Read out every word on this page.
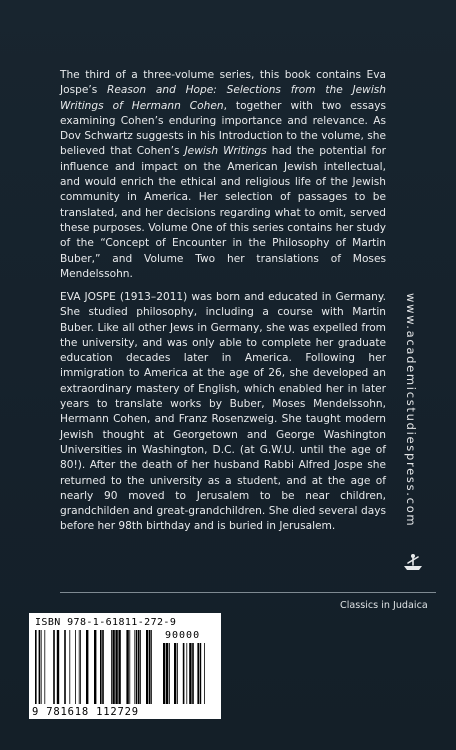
The third of a three-volume series, this book contains Eva Jospe’s Reason and Hope: Selections from the Jewish Writings of Hermann Cohen, together with two essays examining Cohen’s enduring importance and relevance. As Dov Schwartz suggests in his Introduction to the volume, she believed that Cohen’s Jewish Writings had the potential for influence and impact on the American Jewish intellectual, and would enrich the ethical and religious life of the Jewish community in America. Her selection of passages to be translated, and her decisions regarding what to omit, served these purposes. Volume One of this series contains her study of the “Concept of Encounter in the Philosophy of Martin Buber,” and Volume Two her translations of Moses Mendelssohn.

EVA JOSPE (1913–2011) was born and educated in Germany. She studied philosophy, including a course with Martin Buber. Like all other Jews in Germany, she was expelled from the university, and was only able to complete her graduate education decades later in America. Following her immigration to America at the age of 26, she developed an extraordinary mastery of English, which enabled her in later years to translate works by Buber, Moses Mendelssohn, Hermann Cohen, and Franz Rosenzweig. She taught modern Jewish thought at Georgetown and George Washington Universities in Washington, D.C. (at G.W.U. until the age of 80!). After the death of her husband Rabbi Alfred Jospe she returned to the university as a student, and at the age of nearly 90 moved to Jerusalem to be near children, grandchilden and great-grandchildren. She died several days before her 98th birthday and is buried in Jerusalem.	www.academicstudiespress.com
Classics in Judaica
ISBN 978-1-61811-272-9
90000
9 781618 112729
